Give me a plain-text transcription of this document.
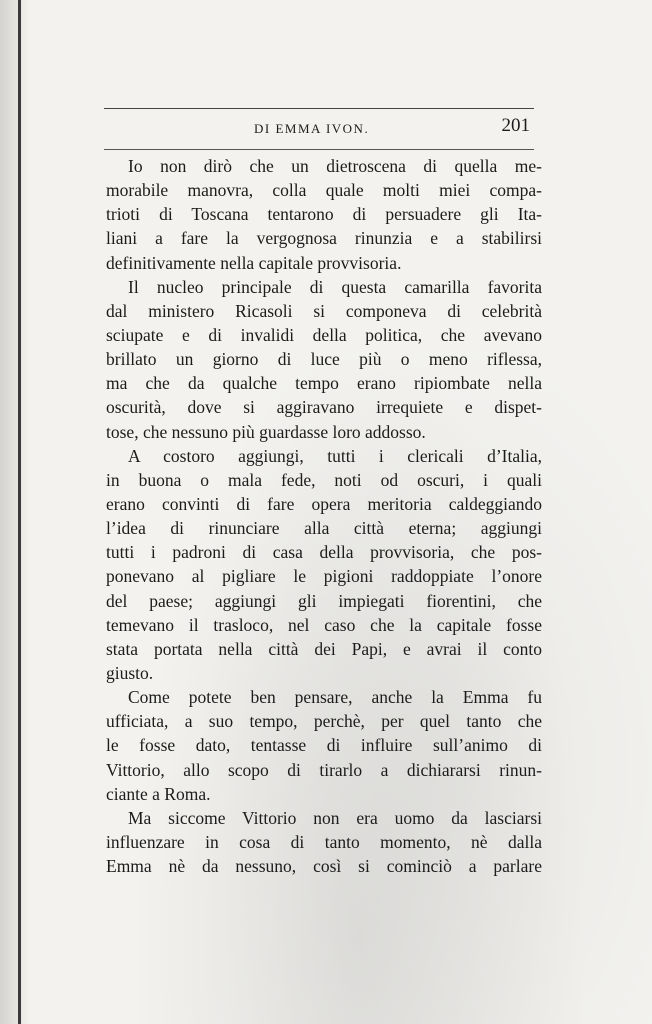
DI EMMA IVON.	201
Io non dirò che un dietroscena di quella me-
morabile manovra, colla quale molti miei compa-
trioti di Toscana tentarono di persuadere gli Ita-
liani a fare la vergognosa rinunzia e a stabilirsi
definitivamente nella capitale provvisoria.
Il nucleo principale di questa camarilla favorita
dal ministero Ricasoli si componeva di celebrità
sciupate e di invalidi della politica, che avevano
brillato un giorno di luce più o meno riflessa,
ma che da qualche tempo erano ripiombate nella
oscurità, dove si aggiravano irrequiete e dispet-
tose, che nessuno più guardasse loro addosso.
A costoro aggiungi, tutti i clericali d’Italia,
in buona o mala fede, noti od oscuri, i quali
erano convinti di fare opera meritoria caldeggiando
l’idea di rinunciare alla città eterna; aggiungi
tutti i padroni di casa della provvisoria, che pos-
ponevano al pigliare le pigioni raddoppiate l’onore
del paese; aggiungi gli impiegati fiorentini, che
temevano il trasloco, nel caso che la capitale fosse
stata portata nella città dei Papi, e avrai il conto
giusto.
Come potete ben pensare, anche la Emma fu
ufficiata, a suo tempo, perchè, per quel tanto che
le fosse dato, tentasse di influire sull’animo di
Vittorio, allo scopo di tirarlo a dichiararsi rinun-
ciante a Roma.
Ma siccome Vittorio non era uomo da lasciarsi
influenzare in cosa di tanto momento, nè dalla
Emma nè da nessuno, così si cominciò a parlare
